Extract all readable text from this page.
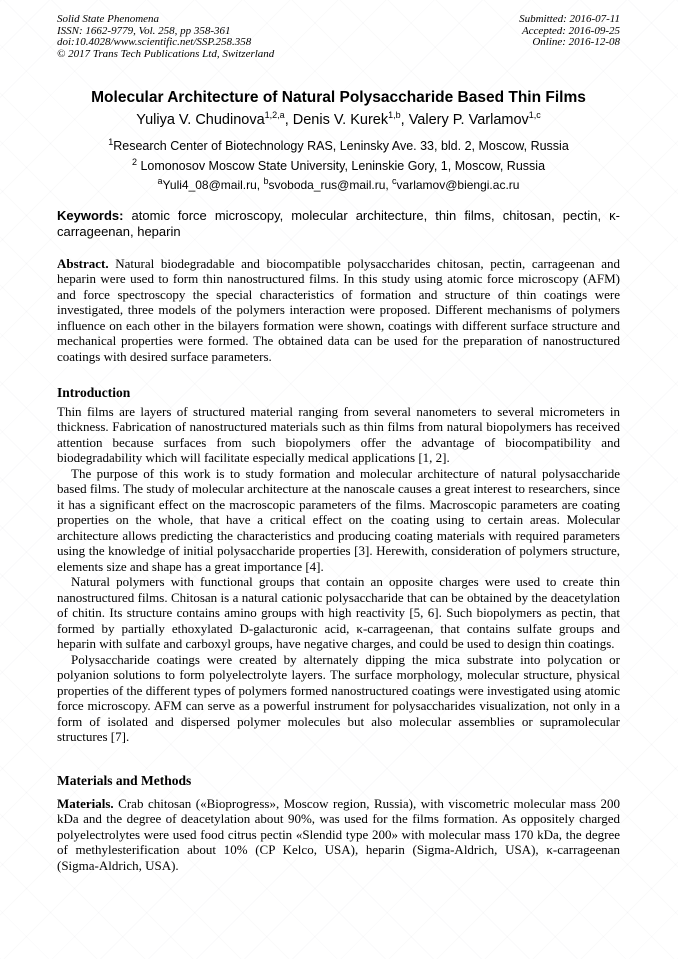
Solid State Phenomena
ISSN: 1662-9779, Vol. 258, pp 358-361
doi:10.4028/www.scientific.net/SSP.258.358
© 2017 Trans Tech Publications Ltd, Switzerland
Submitted: 2016-07-11
Accepted: 2016-09-25
Online: 2016-12-08
Molecular Architecture of Natural Polysaccharide Based Thin Films
Yuliya V. Chudinova$^{1,2,a}$, Denis V. Kurek$^{1,b}$, Valery P. Varlamov$^{1,c}$
$^1$Research Center of Biotechnology RAS, Leninsky Ave. 33, bld. 2, Moscow, Russia
$^2$ Lomonosov Moscow State University, Leninskie Gory, 1, Moscow, Russia
$^a$Yuli4_08@mail.ru, $^b$svoboda_rus@mail.ru, $^c$varlamov@biengi.ac.ru
Keywords: atomic force microscopy, molecular architecture, thin films, chitosan, pectin, κ-carrageenan, heparin
Abstract. Natural biodegradable and biocompatible polysaccharides chitosan, pectin, carrageenan and heparin were used to form thin nanostructured films. In this study using atomic force microscopy (AFM) and force spectroscopy the special characteristics of formation and structure of thin coatings were investigated, three models of the polymers interaction were proposed. Different mechanisms of polymers influence on each other in the bilayers formation were shown, coatings with different surface structure and mechanical properties were formed. The obtained data can be used for the preparation of nanostructured coatings with desired surface parameters.
Introduction

Thin films are layers of structured material ranging from several nanometers to several micrometers in thickness. Fabrication of nanostructured materials such as thin films from natural biopolymers has received attention because surfaces from such biopolymers offer the advantage of biocompatibility and biodegradability which will facilitate especially medical applications [1, 2].

The purpose of this work is to study formation and molecular architecture of natural polysaccharide based films. The study of molecular architecture at the nanoscale causes a great interest to researchers, since it has a significant effect on the macroscopic parameters of the films. Macroscopic parameters are coating properties on the whole, that have a critical effect on the coating using to certain areas. Molecular architecture allows predicting the characteristics and producing coating materials with required parameters using the knowledge of initial polysaccharide properties [3]. Herewith, consideration of polymers structure, elements size and shape has a great importance [4].

Natural polymers with functional groups that contain an opposite charges were used to create thin nanostructured films. Chitosan is a natural cationic polysaccharide that can be obtained by the deacetylation of chitin. Its structure contains amino groups with high reactivity [5, 6]. Such biopolymers as pectin, that formed by partially ethoxylated D-galacturonic acid, κ-carrageenan, that contains sulfate groups and heparin with sulfate and carboxyl groups, have negative charges, and could be used to design thin coatings.

Polysaccharide coatings were created by alternately dipping the mica substrate into polycation or polyanion solutions to form polyelectrolyte layers. The surface morphology, molecular structure, physical properties of the different types of polymers formed nanostructured coatings were investigated using atomic force microscopy. AFM can serve as a powerful instrument for polysaccharides visualization, not only in a form of isolated and dispersed polymer molecules but also molecular assemblies or supramolecular structures [7].

Materials and Methods

Materials. Crab chitosan («Bioprogress», Moscow region, Russia), with viscometric molecular mass 200 kDa and the degree of deacetylation about 90%, was used for the films formation. As oppositely charged polyelectrolytes were used food citrus pectin «Slendid type 200» with molecular mass 170 kDa, the degree of methylesterification about 10% (CP Kelco, USA), heparin (Sigma-Aldrich, USA), κ-carrageenan (Sigma-Aldrich, USA).
